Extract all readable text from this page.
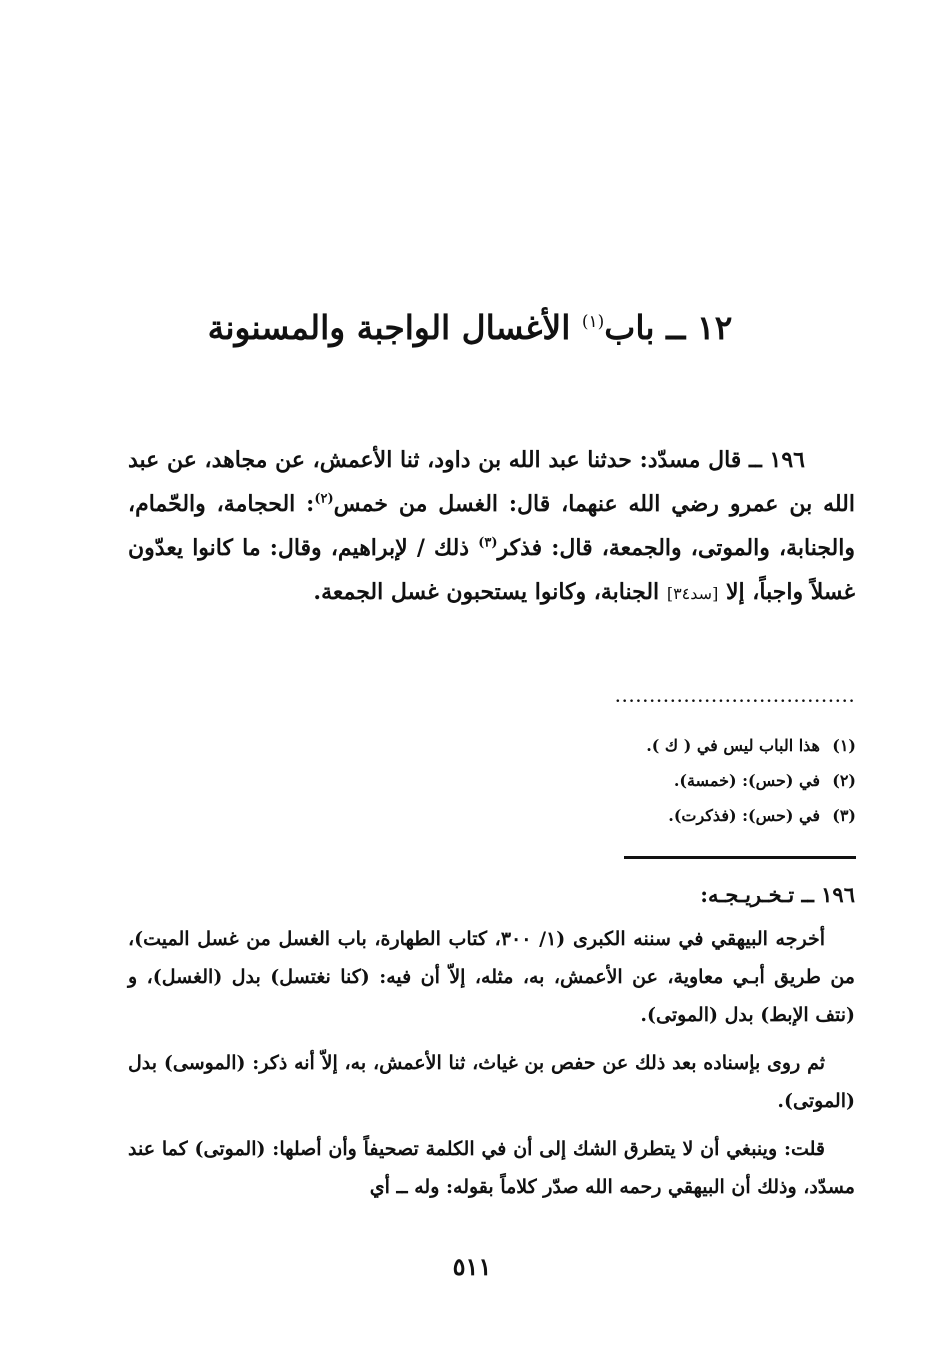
١٢ ــ باب$^{(١)}$ الأغسال الواجبة والمسنونة

١٩٦ ــ قال مسدّد: حدثنا عبد الله بن داود، ثنا الأعمش، عن مجاهد، عن عبد الله بن عمرو رضي الله عنهما، قال: الغسل من خمس$^{(٢)}$: الحجامة، والحّمام، والجنابة، والموتى، والجمعة، قال: فذكر$^{(٣)}$ ذلك / لإبراهيم، وقال: ما كانوا يعدّون غسلاً واجباً، إلا [سد٣٤] الجنابة، وكانوا يستحبون غسل الجمعة.

...................................
(١)هذا الباب ليس في ( ك ).
(٢)في (حس): (خمسة).
(٣)في (حس): (فذكرت).
١٩٦ ــ تـخـريـجـه:

أخرجه البيهقي في سننه الكبرى (١/ ٣٠٠، كتاب الطهارة، باب الغسل من غسل الميت)، من طريق أبـي معاوية، عن الأعمش، به، مثله، إلاّ أن فيه: (كنا نغتسل) بدل (الغسل)، و (نتف الإبط) بدل (الموتى).

ثم روى بإسناده بعد ذلك عن حفص بن غياث، ثنا الأعمش، به، إلاّ أنه ذكر: (الموسى) بدل (الموتى).

قلت: وينبغي أن لا يتطرق الشك إلى أن في الكلمة تصحيفاً وأن أصلها: (الموتى) كما عند مسدّد، وذلك أن البيهقي رحمه الله صدّر كلاماً بقوله: وله ــ أي

٥١١
